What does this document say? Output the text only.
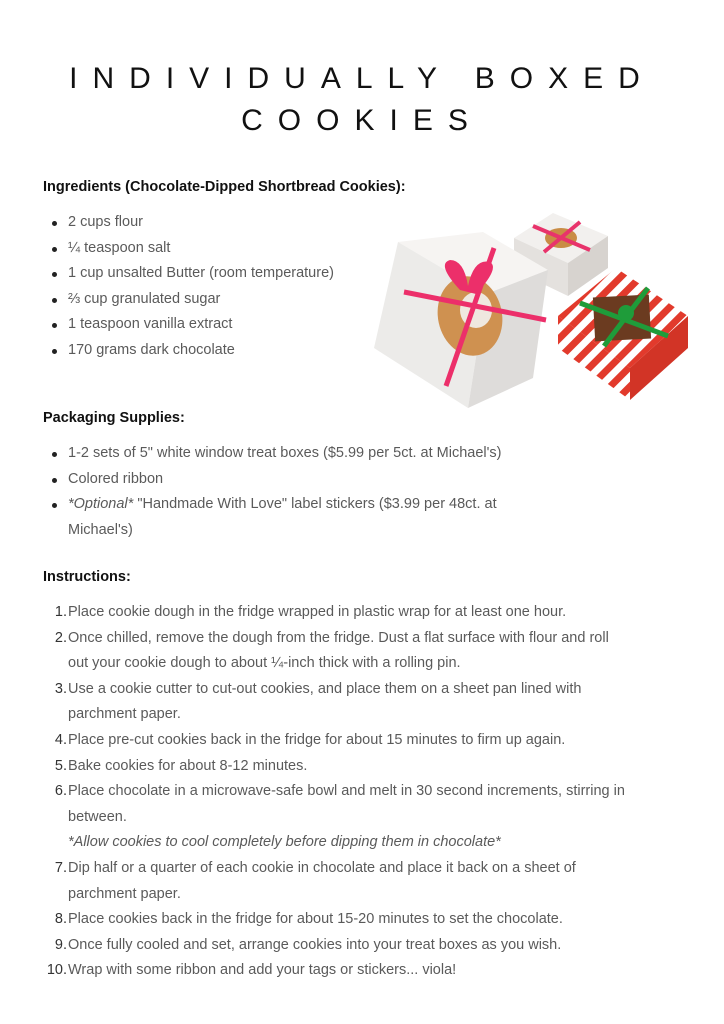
INDIVIDUALLY BOXED
COOKIES
Ingredients (Chocolate-Dipped Shortbread Cookies):
2 cups flour
¼ teaspoon salt
1 cup unsalted Butter (room temperature)
⅔ cup granulated sugar
1 teaspoon vanilla extract
170 grams dark chocolate
Packaging Supplies:
1-2 sets of 5" white window treat boxes ($5.99 per 5ct. at Michael's)
Colored ribbon
*Optional* "Handmade With Love" label stickers ($3.99 per 48ct. at
Michael's)
Instructions:
1. Place cookie dough in the fridge wrapped in plastic wrap for at least one hour.
2. Once chilled, remove the dough from the fridge. Dust a flat surface with flour and roll
out your cookie dough to about ¼-inch thick with a rolling pin.
3. Use a cookie cutter to cut-out cookies, and place them on a sheet pan lined with
parchment paper.
4. Place pre-cut cookies back in the fridge for about 15 minutes to firm up again.
5. Bake cookies for about 8-12 minutes.
6. Place chocolate in a microwave-safe bowl and melt in 30 second increments, stirring in
between.
*Allow cookies to cool completely before dipping them in chocolate*
7. Dip half or a quarter of each cookie in chocolate and place it back on a sheet of
parchment paper.
8. Place cookies back in the fridge for about 15-20 minutes to set the chocolate.
9. Once fully cooled and set, arrange cookies into your treat boxes as you wish.
10. Wrap with some ribbon and add your tags or stickers... viola!
